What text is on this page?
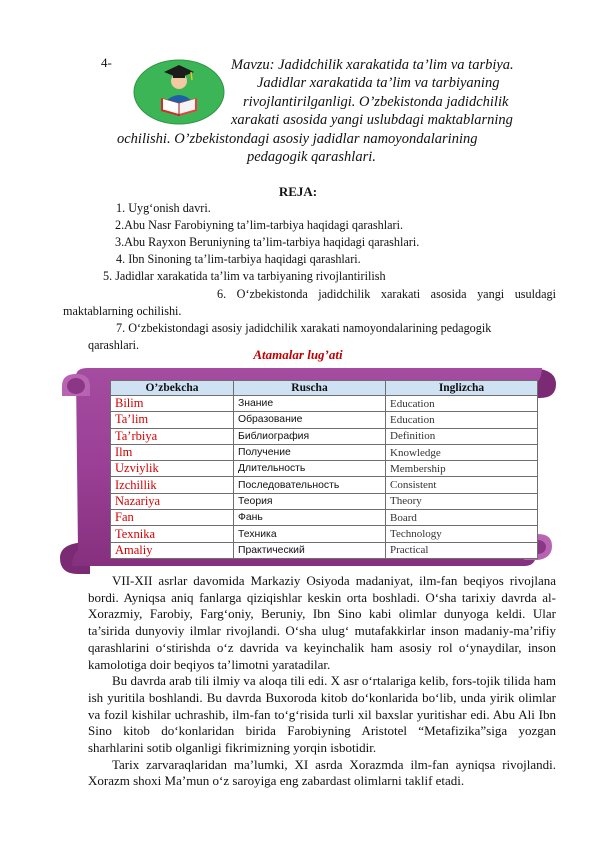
4-	Mavzu: Jadidchilik xarakatida ta’lim va tarbiya.
Jadidlar xarakatida ta’lim va tarbiyaning
rivojlantirilganligi. O’zbekistonda jadidchilik
xarakati asosida yangi uslubdagi maktablarning
ochilishi. O’zbekistondagi asosiy jadidlar namoyondalarining
pedagogik qarashlari.
REJA:
1. Uyg‘onish davri.
2.Abu Nasr Farobiyning ta’lim-tarbiya haqidagi qarashlari.
3.Abu Rayxon Beruniyning ta’lim-tarbiya haqidagi qarashlari.
4. Ibn Sinoning ta’lim-tarbiya haqidagi qarashlari.
5. Jadidlar xarakatida ta’lim va tarbiyaning rivojlantirilish
6. O‘zbekistonda jadidchilik xarakati asosida yangi usuldagi
maktablarning ochilishi.
7. O‘zbekistondagi asosiy jadidchilik xarakati namoyondalarining pedagogik
qarashlari.
Atamalar lug’ati
O’zbekcha	Ruscha	Inglizcha
Bilim	Знание	Education
Ta’lim	Образование	Education
Ta’rbiya	Библиография	Definition
Ilm	Получение	Knowledge
Uzviylik	Длительность	Membership
Izchillik	Последовательность	Consistent
Nazariya	Теория	Theory
Fan	Фань	Board
Texnika	Техника	Technology
Amaliy	Практический	Practical

VII-XII asrlar davomida Markaziy Osiyoda madaniyat, ilm-fan beqiyos rivojlana bordi. Ayniqsa aniq fanlarga qiziqishlar keskin orta boshladi. O‘sha tarixiy davrda al-Xorazmiy, Farobiy, Farg‘oniy, Beruniy, Ibn Sino kabi olimlar dunyoga keldi. Ular ta’sirida dunyoviy ilmlar rivojlandi. O‘sha ulug‘ mutafakkirlar inson madaniy-ma’rifiy qarashlarini o‘stirishda o‘z davrida va keyinchalik ham asosiy rol o‘ynaydilar, inson kamolotiga doir beqiyos ta’limotni yaratadilar.

Bu davrda arab tili ilmiy va aloqa tili edi. X asr o‘rtalariga kelib, fors-tojik tilida ham ish yuritila boshlandi. Bu davrda Buxoroda kitob do‘konlarida bo‘lib, unda yirik olimlar va fozil kishilar uchrashib, ilm-fan to‘g‘risida turli xil baxslar yuritishar edi. Abu Ali Ibn Sino kitob do‘konlaridan birida Farobiyning Aristotel “Metafizika”siga yozgan sharhlarini sotib olganligi fikrimizning yorqin isbotidir.

Tarix zarvaraqlaridan ma’lumki, XI asrda Xorazmda ilm-fan ayniqsa rivojlandi. Xorazm shoxi Ma’mun o‘z saroyiga eng zabardast olimlarni taklif etadi.
